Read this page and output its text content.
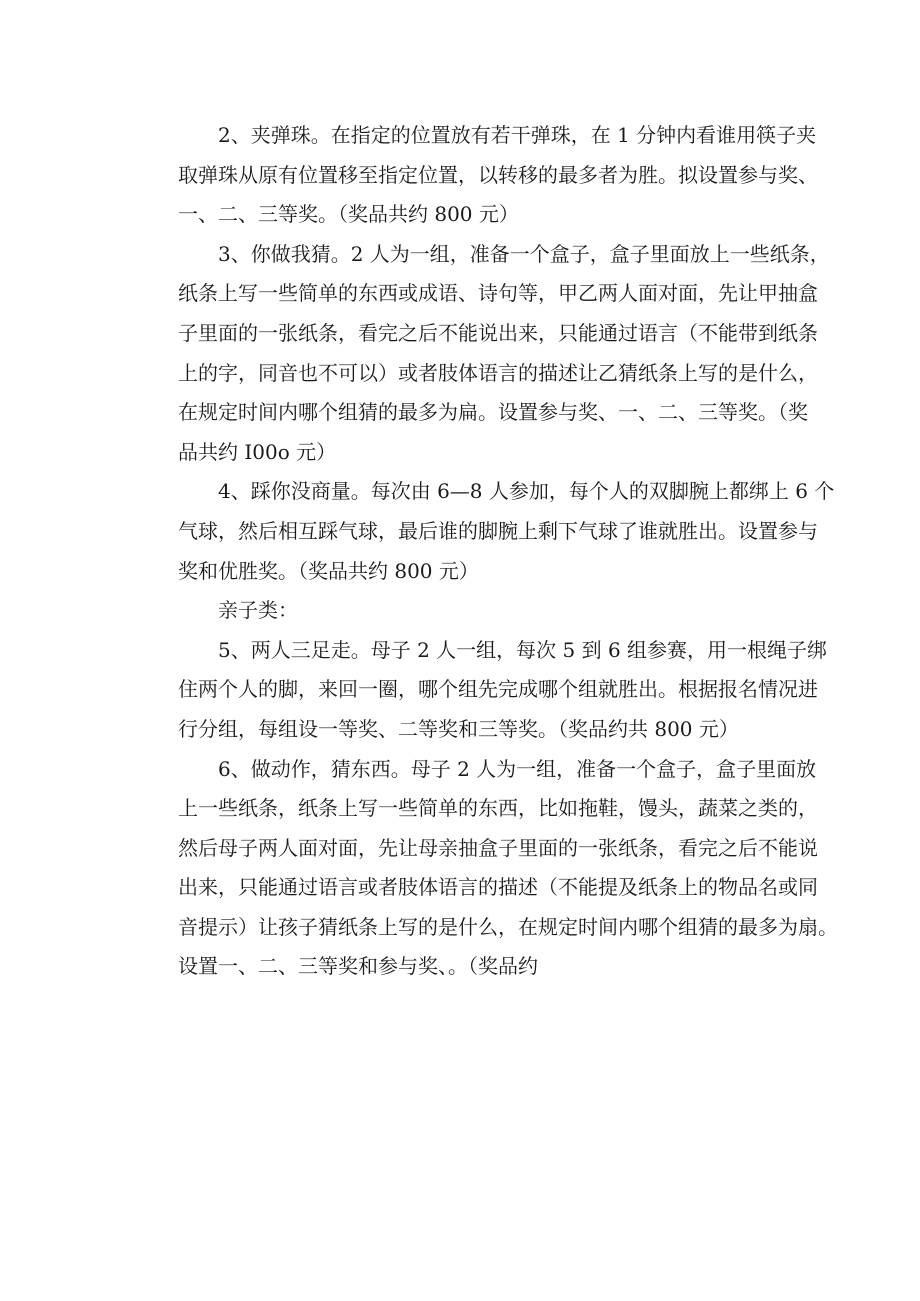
2、夹弹珠。在指定的位置放有若干弹珠，在 1 分钟内看谁用筷子夹
取弹珠从原有位置移至指定位置，以转移的最多者为胜。拟设置参与奖、
一、二、三等奖。（奖品共约 800 元）
3、你做我猜。2 人为一组，准备一个盒子，盒子里面放上一些纸条，
纸条上写一些简单的东西或成语、诗句等，甲乙两人面对面，先让甲抽盒
子里面的一张纸条，看完之后不能说出来，只能通过语言（不能带到纸条
上的字，同音也不可以）或者肢体语言的描述让乙猜纸条上写的是什么，
在规定时间内哪个组猜的最多为扁。设置参与奖、一、二、三等奖。（奖
品共约 I00o 元）
4、踩你没商量。每次由 6—8 人参加，每个人的双脚腕上都绑上 6 个
气球，然后相互踩气球，最后谁的脚腕上剩下气球了谁就胜出。设置参与
奖和优胜奖。（奖品共约 800 元）
亲子类：
5、两人三足走。母子 2 人一组，每次 5 到 6 组参赛，用一根绳子绑
住两个人的脚，来回一圈，哪个组先完成哪个组就胜出。根据报名情况进
行分组，每组设一等奖、二等奖和三等奖。（奖品约共 800 元）
6、做动作，猜东西。母子 2 人为一组，准备一个盒子，盒子里面放
上一些纸条，纸条上写一些简单的东西，比如拖鞋，馒头，蔬菜之类的，
然后母子两人面对面，先让母亲抽盒子里面的一张纸条，看完之后不能说
出来，只能通过语言或者肢体语言的描述（不能提及纸条上的物品名或同
音提示）让孩子猜纸条上写的是什么，在规定时间内哪个组猜的最多为扇。
设置一、二、三等奖和参与奖、。（奖品约
